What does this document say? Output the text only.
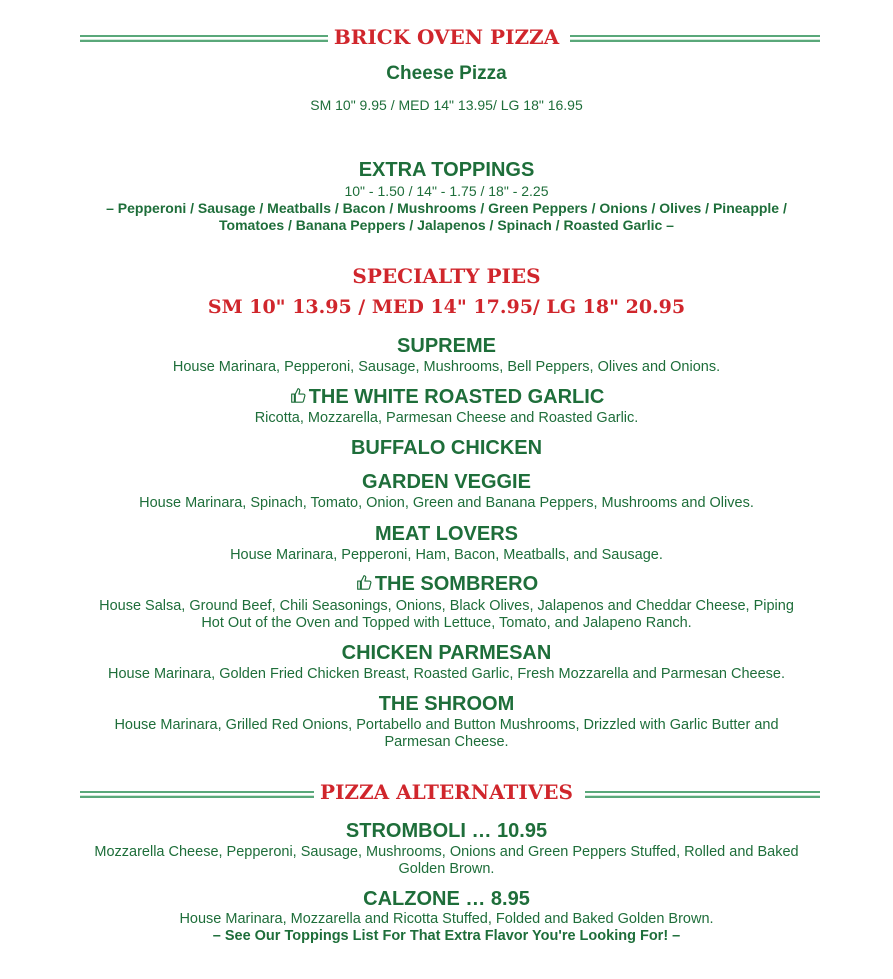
BRICK OVEN PIZZA
Cheese Pizza
SM 10" 9.95 / MED 14" 13.95/ LG 18" 16.95
EXTRA TOPPINGS
10" - 1.50 / 14" - 1.75 / 18" - 2.25
– Pepperoni / Sausage / Meatballs / Bacon / Mushrooms / Green Peppers / Onions / Olives / Pineapple /
Tomatoes / Banana Peppers / Jalapenos / Spinach / Roasted Garlic –
SPECIALTY PIES
SM 10" 13.95 / MED 14" 17.95/ LG 18" 20.95
SUPREME
House Marinara, Pepperoni, Sausage, Mushrooms, Bell Peppers, Olives and Onions.
THE WHITE ROASTED GARLIC
Ricotta, Mozzarella, Parmesan Cheese and Roasted Garlic.
BUFFALO CHICKEN
GARDEN VEGGIE
House Marinara, Spinach, Tomato, Onion, Green and Banana Peppers, Mushrooms and Olives.
MEAT LOVERS
House Marinara, Pepperoni, Ham, Bacon, Meatballs, and Sausage.
THE SOMBRERO
House Salsa, Ground Beef, Chili Seasonings, Onions, Black Olives, Jalapenos and Cheddar Cheese, Piping
Hot Out of the Oven and Topped with Lettuce, Tomato, and Jalapeno Ranch.
CHICKEN PARMESAN
House Marinara, Golden Fried Chicken Breast, Roasted Garlic, Fresh Mozzarella and Parmesan Cheese.
THE SHROOM
House Marinara, Grilled Red Onions, Portabello and Button Mushrooms, Drizzled with Garlic Butter and
Parmesan Cheese.
PIZZA ALTERNATIVES
STROMBOLI … 10.95
Mozzarella Cheese, Pepperoni, Sausage, Mushrooms, Onions and Green Peppers Stuffed, Rolled and Baked
Golden Brown.
CALZONE … 8.95
House Marinara, Mozzarella and Ricotta Stuffed, Folded and Baked Golden Brown.
– See Our Toppings List For That Extra Flavor You're Looking For! –
